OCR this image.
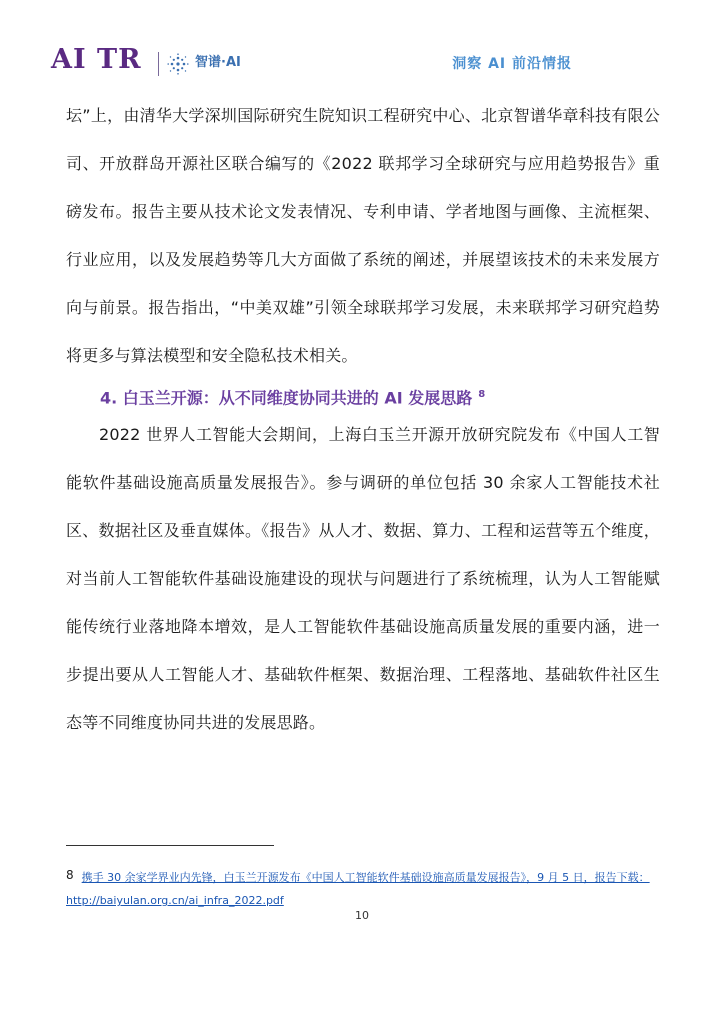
AI TR	智谱·AI	洞察 AI 前沿情报

坛”上，由清华大学深圳国际研究生院知识工程研究中心、北京智谱华章科技有限公司、开放群岛开源社区联合编写的《2022 联邦学习全球研究与应用趋势报告》重磅发布。报告主要从技术论文发表情况、专利申请、学者地图与画像、主流框架、行业应用，以及发展趋势等几大方面做了系统的阐述，并展望该技术的未来发展方向与前景。报告指出，“中美双雄”引领全球联邦学习发展，未来联邦学习研究趋势将更多与算法模型和安全隐私技术相关。

4. 白玉兰开源：从不同维度协同共进的 AI 发展思路 $^8$

2022 世界人工智能大会期间，上海白玉兰开源开放研究院发布《中国人工智能软件基础设施高质量发展报告》。参与调研的单位包括 30 余家人工智能技术社区、数据社区及垂直媒体。《报告》从人才、数据、算力、工程和运营等五个维度，对当前人工智能软件基础设施建设的现状与问题进行了系统梳理，认为人工智能赋能传统行业落地降本增效，是人工智能软件基础设施高质量发展的重要内涵，进一步提出要从人工智能人才、基础软件框架、数据治理、工程落地、基础软件社区生态等不同维度协同共进的发展思路。

8 携手 30 余家学界业内先锋，白玉兰开源发布《中国人工智能软件基础设施高质量发展报告》，9 月 5 日，报告下载：http://baiyulan.org.cn/ai_infra_2022.pdf
10
